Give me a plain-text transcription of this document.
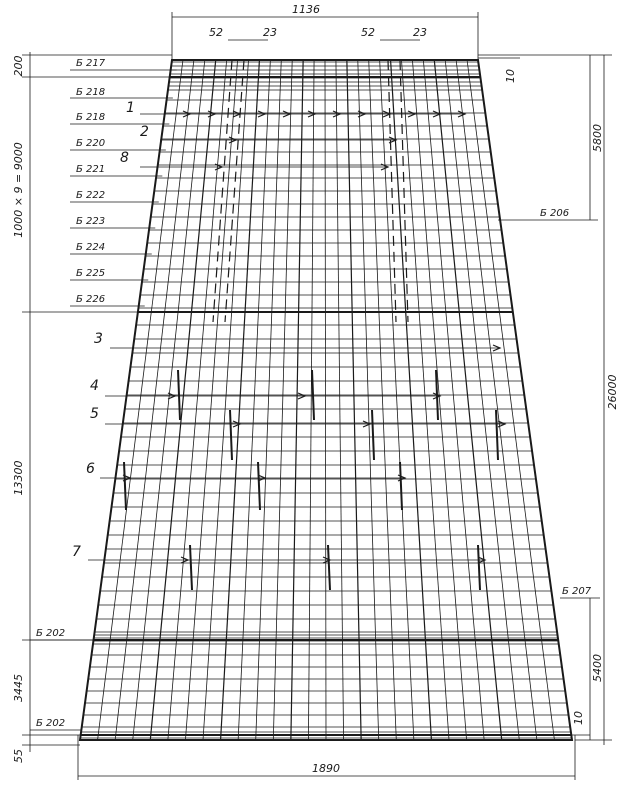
1136
52	23	52	23
1890
200
1000 × 9 = 9000
13300
3445
55
5800
26000
5400
10
10
Б 217
Б 218
Б 218
Б 220
Б 221
Б 222
Б 223
Б 224
Б 225
Б 226
Б 202
Б 202
Б 206
Б 207
1
2
8
3
4
5
6
7
